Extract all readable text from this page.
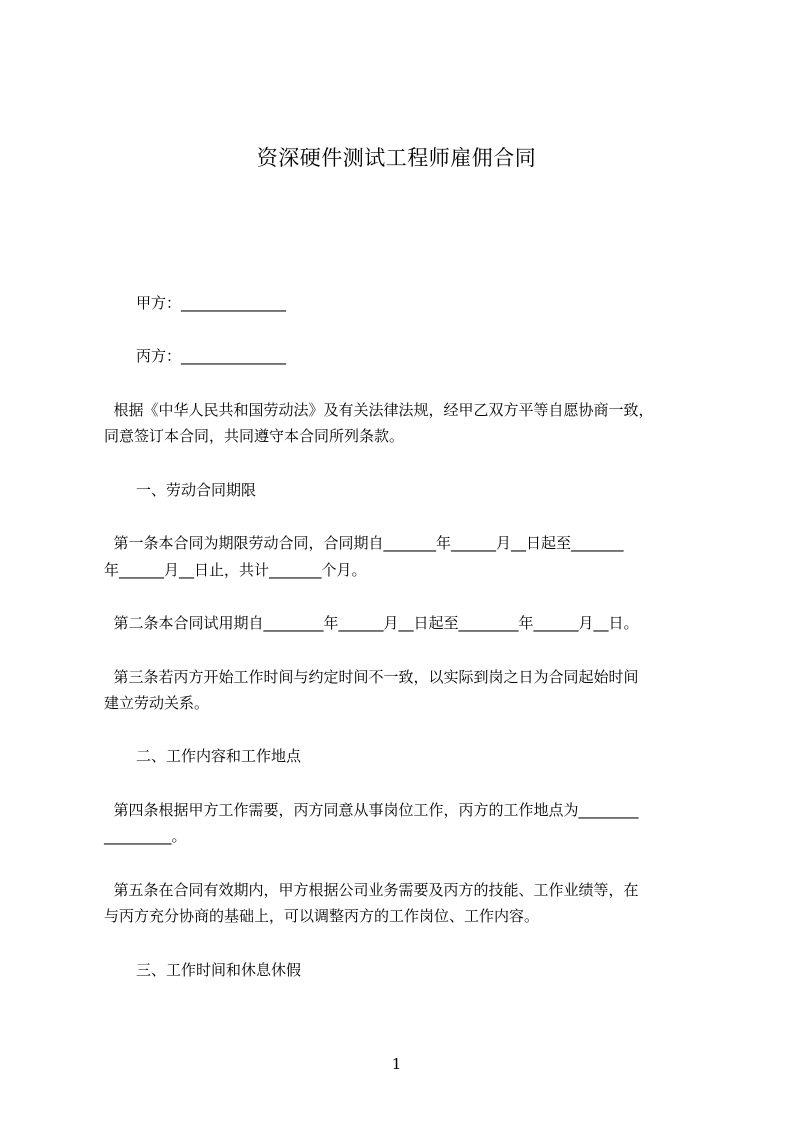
资深硬件测试工程师雇佣合同
甲方：______________
丙方：______________
根据《中华人民共和国劳动法》及有关法律法规，经甲乙双方平等自愿协商一致，
同意签订本合同，共同遵守本合同所列条款。
一、劳动合同期限
第一条本合同为期限劳动合同，合同期自_______年______月__日起至_______
年______月__日止，共计_______个月。
第二条本合同试用期自________年______月__日起至________年______月__日。
第三条若丙方开始工作时间与约定时间不一致，以实际到岗之日为合同起始时间
建立劳动关系。
二、工作内容和工作地点
第四条根据甲方工作需要，丙方同意从事岗位工作，丙方的工作地点为________
_________。
第五条在合同有效期内，甲方根据公司业务需要及丙方的技能、工作业绩等，在
与丙方充分协商的基础上，可以调整丙方的工作岗位、工作内容。
三、工作时间和休息休假
1
